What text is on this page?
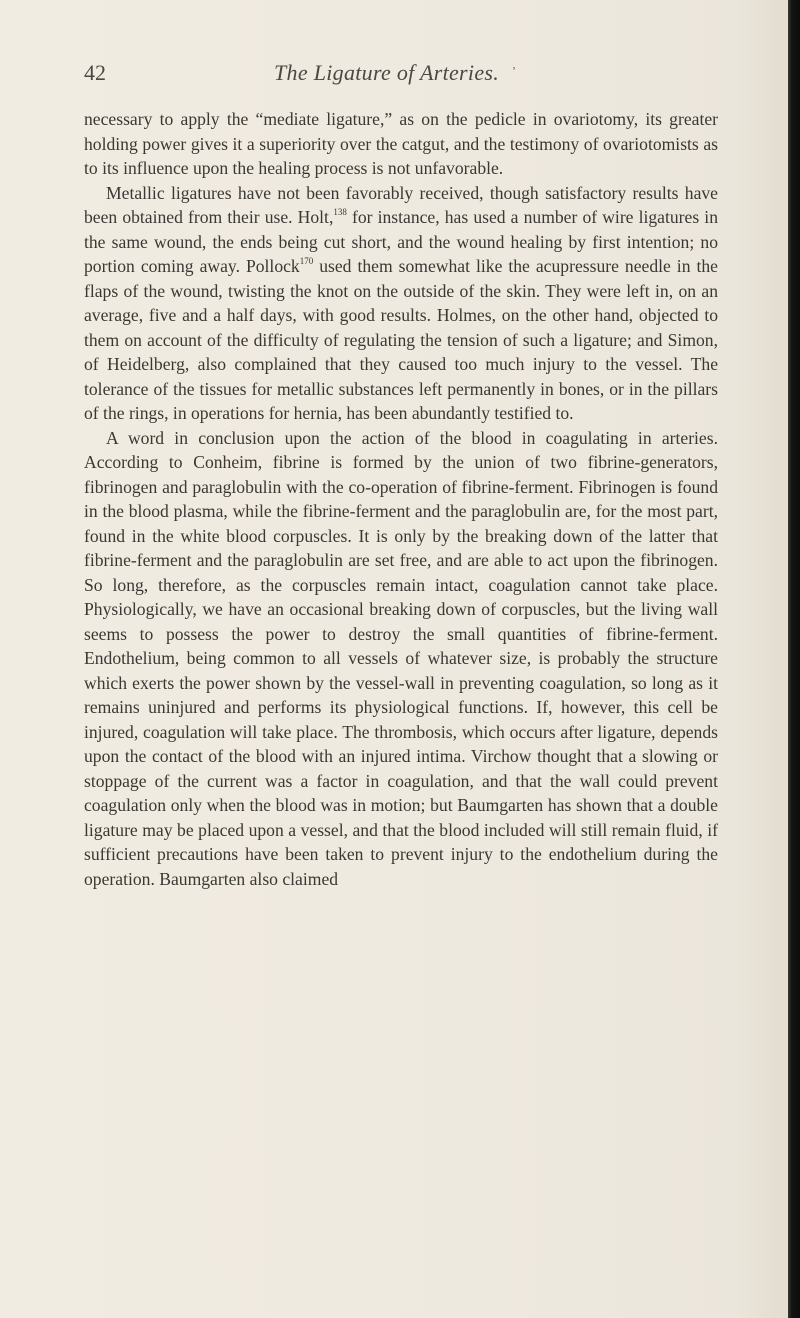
42	The Ligature of Arteries. ʼ

necessary to apply the “mediate ligature,” as on the pedicle in ovariotomy, its greater holding power gives it a superiority over the catgut, and the testimony of ovariotomists as to its influence upon the healing process is not unfavorable.

Metallic ligatures have not been favorably received, though satisfactory results have been obtained from their use. Holt,$^{138}$ for instance, has used a number of wire ligatures in the same wound, the ends being cut short, and the wound healing by first intention; no portion coming away. Pollock$^{170}$ used them somewhat like the acupressure needle in the flaps of the wound, twisting the knot on the outside of the skin. They were left in, on an average, five and a half days, with good results. Holmes, on the other hand, objected to them on account of the difficulty of regulating the tension of such a ligature; and Simon, of Heidelberg, also complained that they caused too much injury to the vessel. The tolerance of the tissues for metallic substances left permanently in bones, or in the pillars of the rings, in operations for hernia, has been abundantly testified to.

A word in conclusion upon the action of the blood in coagulating in arteries. According to Conheim, fibrine is formed by the union of two fibrine-generators, fibrinogen and paraglobulin with the co-operation of fibrine-ferment. Fibrinogen is found in the blood plasma, while the fibrine-ferment and the paraglobulin are, for the most part, found in the white blood corpuscles. It is only by the breaking down of the latter that fibrine-ferment and the paraglobulin are set free, and are able to act upon the fibrinogen. So long, therefore, as the corpuscles remain intact, coagulation cannot take place. Physiologically, we have an occasional breaking down of corpuscles, but the living wall seems to possess the power to destroy the small quantities of fibrine-ferment. Endothelium, being common to all vessels of whatever size, is probably the structure which exerts the power shown by the vessel-wall in preventing coagulation, so long as it remains uninjured and performs its physiological functions. If, however, this cell be injured, coagulation will take place. The thrombosis, which occurs after ligature, depends upon the contact of the blood with an injured intima. Virchow thought that a slowing or stoppage of the current was a factor in coagulation, and that the wall could prevent coagulation only when the blood was in motion; but Baumgarten has shown that a double ligature may be placed upon a vessel, and that the blood included will still remain fluid, if sufficient precautions have been taken to prevent injury to the endothelium during the operation. Baumgarten also claimed
